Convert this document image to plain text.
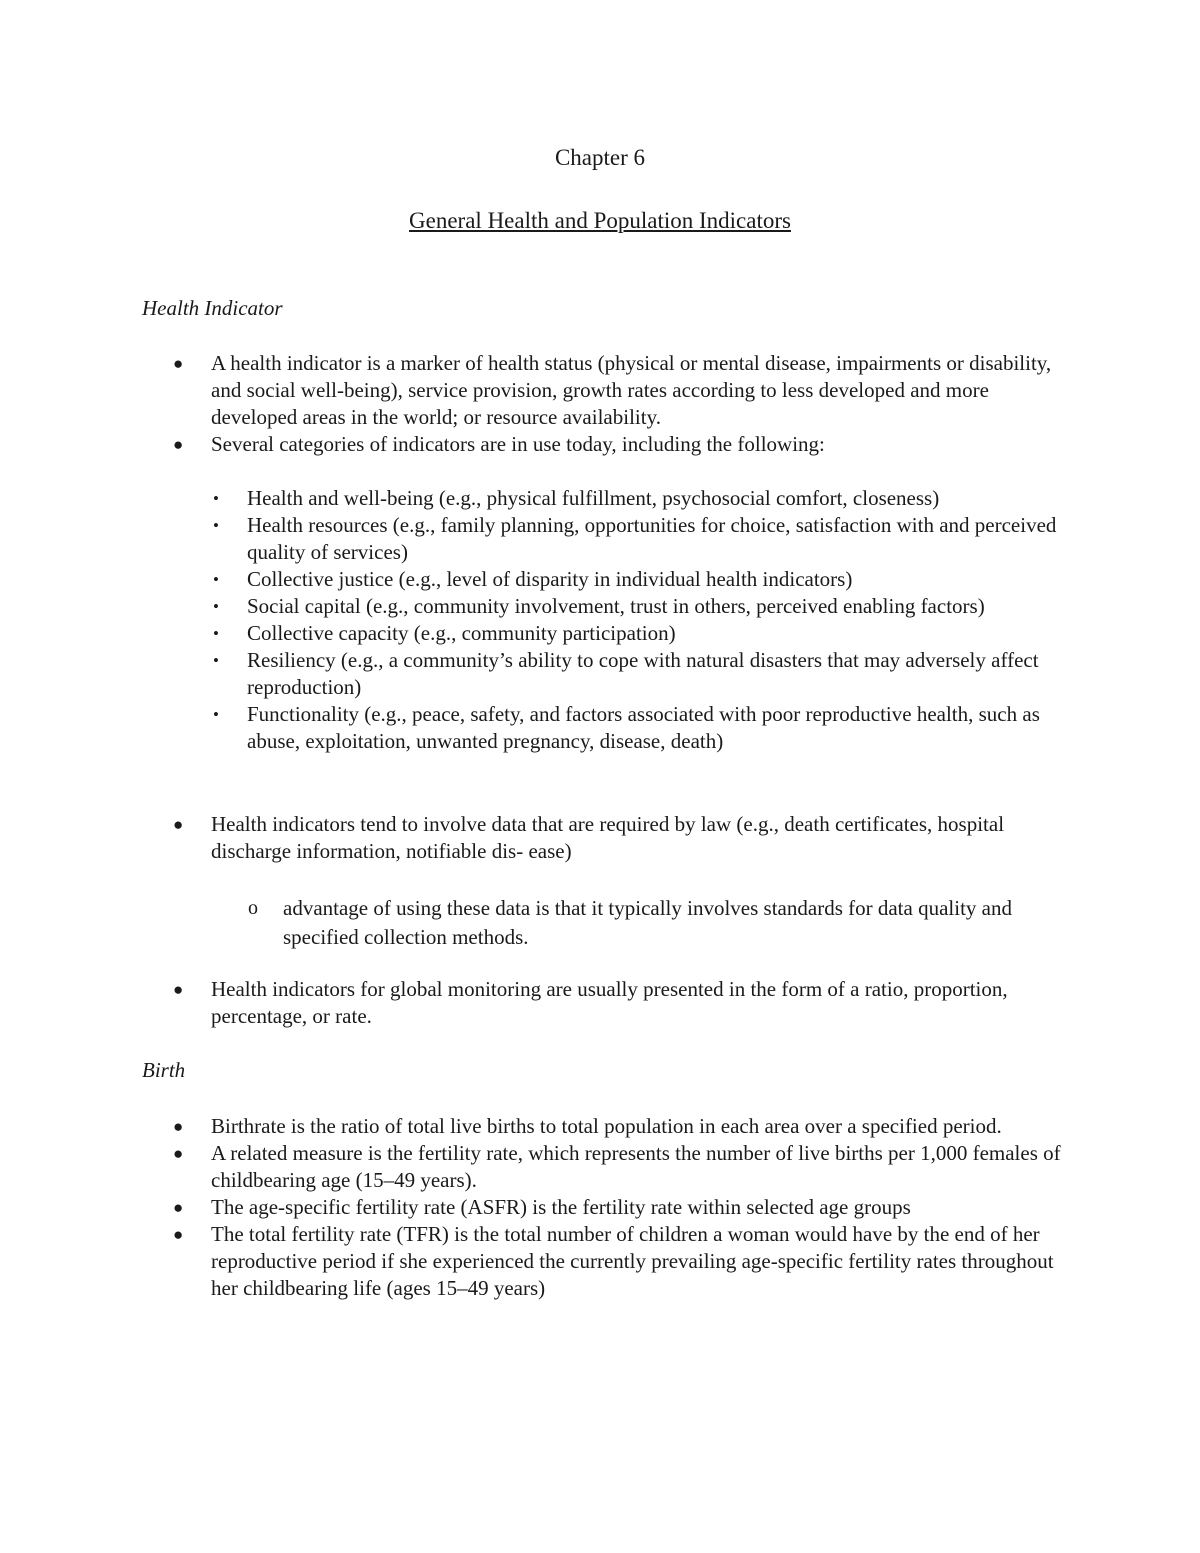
Chapter 6
General Health and Population Indicators
Health Indicator
● A health indicator is a marker of health status (physical or mental disease, impairments or disability, and social well-being), service provision, growth rates according to less developed and more developed areas in the world; or resource availability.
● Several categories of indicators are in use today, including the following:
• Health and well-being (e.g., physical fulfillment, psychosocial comfort, closeness)
• Health resources (e.g., family planning, opportunities for choice, satisfaction with and perceived quality of services)
• Collective justice (e.g., level of disparity in individual health indicators)
• Social capital (e.g., community involvement, trust in others, perceived enabling factors)
• Collective capacity (e.g., community participation)
• Resiliency (e.g., a community’s ability to cope with natural disasters that may adversely affect reproduction)
• Functionality (e.g., peace, safety, and factors associated with poor reproductive health, such as abuse, exploitation, unwanted pregnancy, disease, death)
● Health indicators tend to involve data that are required by law (e.g., death certificates, hospital discharge information, notifiable dis- ease)
o advantage of using these data is that it typically involves standards for data quality and specified collection methods.
● Health indicators for global monitoring are usually presented in the form of a ratio, proportion, percentage, or rate.
Birth
● Birthrate is the ratio of total live births to total population in each area over a specified period.
● A related measure is the fertility rate, which represents the number of live births per 1,000 females of childbearing age (15–49 years).
● The age-specific fertility rate (ASFR) is the fertility rate within selected age groups
● The total fertility rate (TFR) is the total number of children a woman would have by the end of her reproductive period if she experienced the currently prevailing age-specific fertility rates throughout her childbearing life (ages 15–49 years)
